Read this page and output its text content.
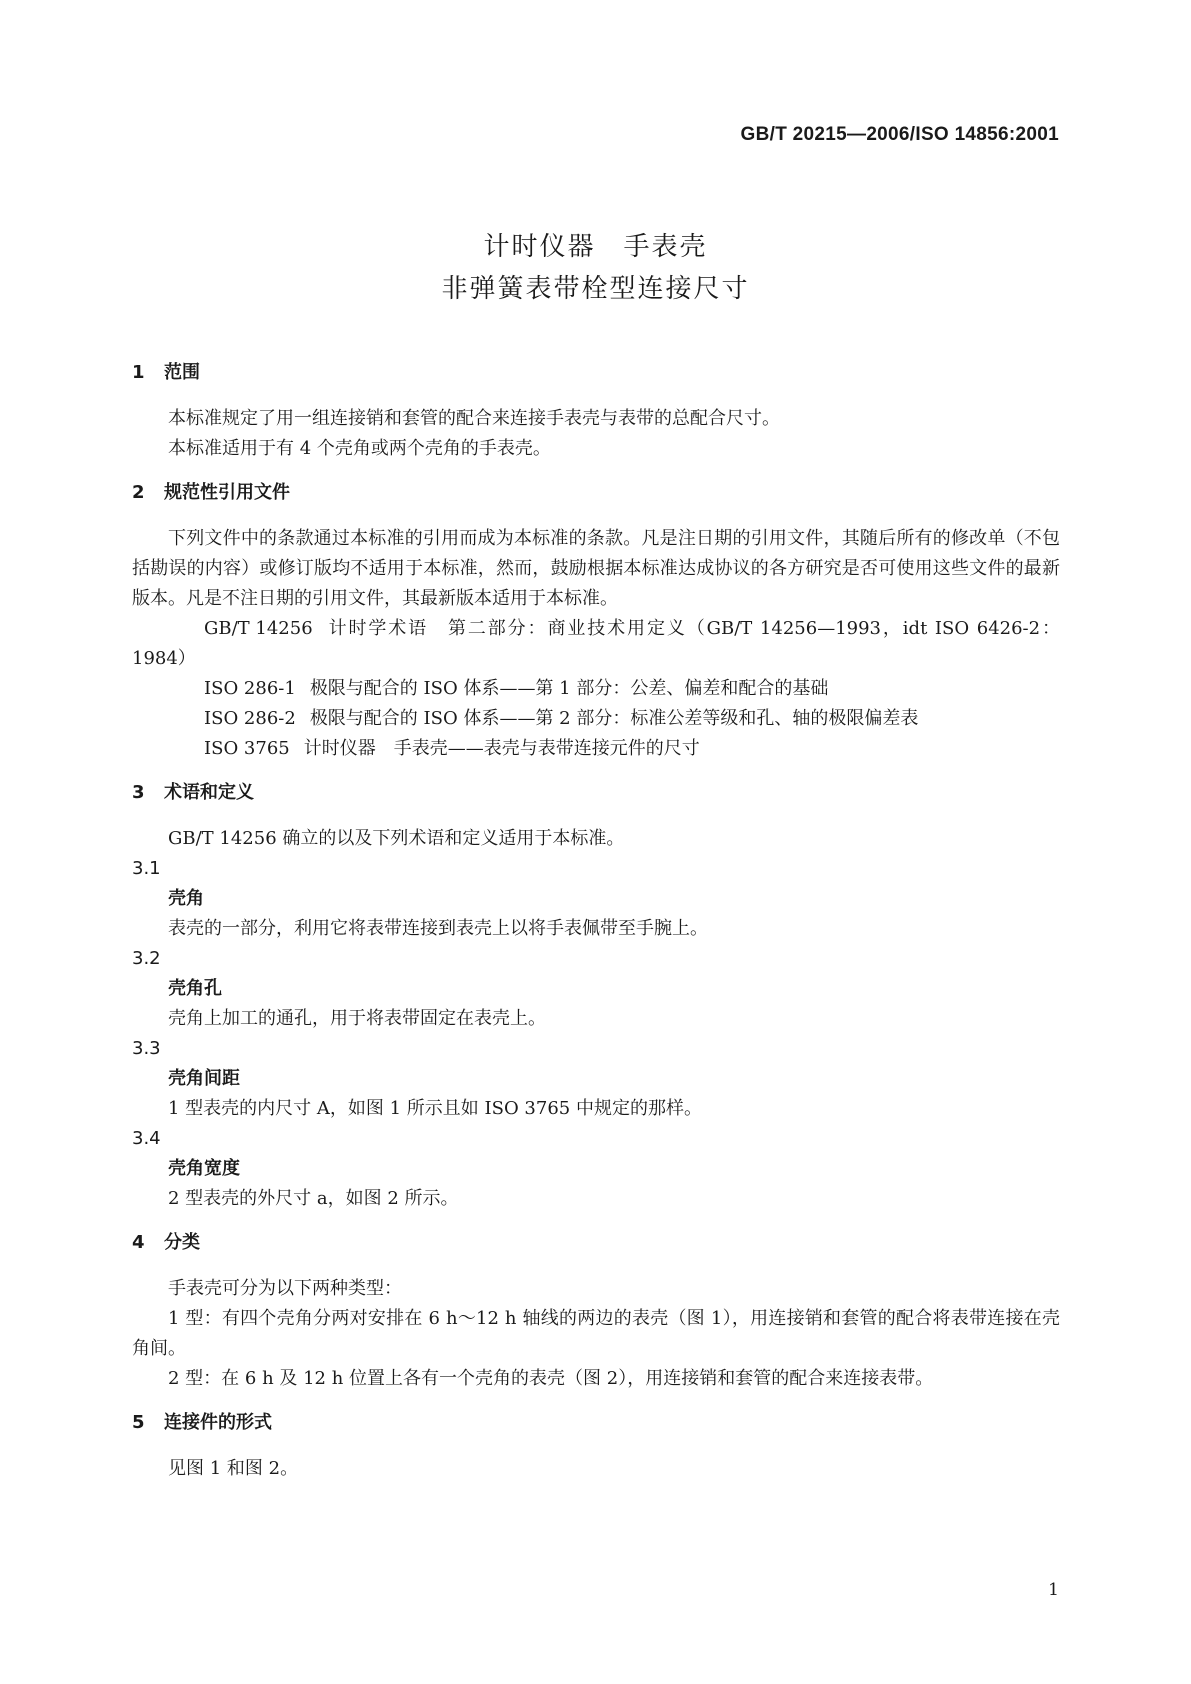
GB/T 20215—2006/ISO 14856:2001
计时仪器　手表壳
非弹簧表带栓型连接尺寸
1 范围

本标准规定了用一组连接销和套管的配合来连接手表壳与表带的总配合尺寸。

本标准适用于有 4 个壳角或两个壳角的手表壳。

2 规范性引用文件

下列文件中的条款通过本标准的引用而成为本标准的条款。凡是注日期的引用文件，其随后所有的修改单（不包括勘误的内容）或修订版均不适用于本标准，然而，鼓励根据本标准达成协议的各方研究是否可使用这些文件的最新版本。凡是不注日期的引用文件，其最新版本适用于本标准。

GB/T 14256 计时学术语　第二部分：商业技术用定义（GB/T 14256—1993，idt ISO 6426-2：1984）

ISO 286-1 极限与配合的 ISO 体系——第 1 部分：公差、偏差和配合的基础

ISO 286-2 极限与配合的 ISO 体系——第 2 部分：标准公差等级和孔、轴的极限偏差表

ISO 3765 计时仪器　手表壳——表壳与表带连接元件的尺寸

3 术语和定义

GB/T 14256 确立的以及下列术语和定义适用于本标准。

3.1
壳角
表壳的一部分，利用它将表带连接到表壳上以将手表佩带至手腕上。
3.2
壳角孔
壳角上加工的通孔，用于将表带固定在表壳上。
3.3
壳角间距
1 型表壳的内尺寸 A，如图 1 所示且如 ISO 3765 中规定的那样。
3.4
壳角宽度
2 型表壳的外尺寸 a，如图 2 所示。
4 分类

手表壳可分为以下两种类型：

1 型：有四个壳角分两对安排在 6 h～12 h 轴线的两边的表壳（图 1），用连接销和套管的配合将表带连接在壳角间。

2 型：在 6 h 及 12 h 位置上各有一个壳角的表壳（图 2），用连接销和套管的配合来连接表带。

5 连接件的形式

见图 1 和图 2。

1
